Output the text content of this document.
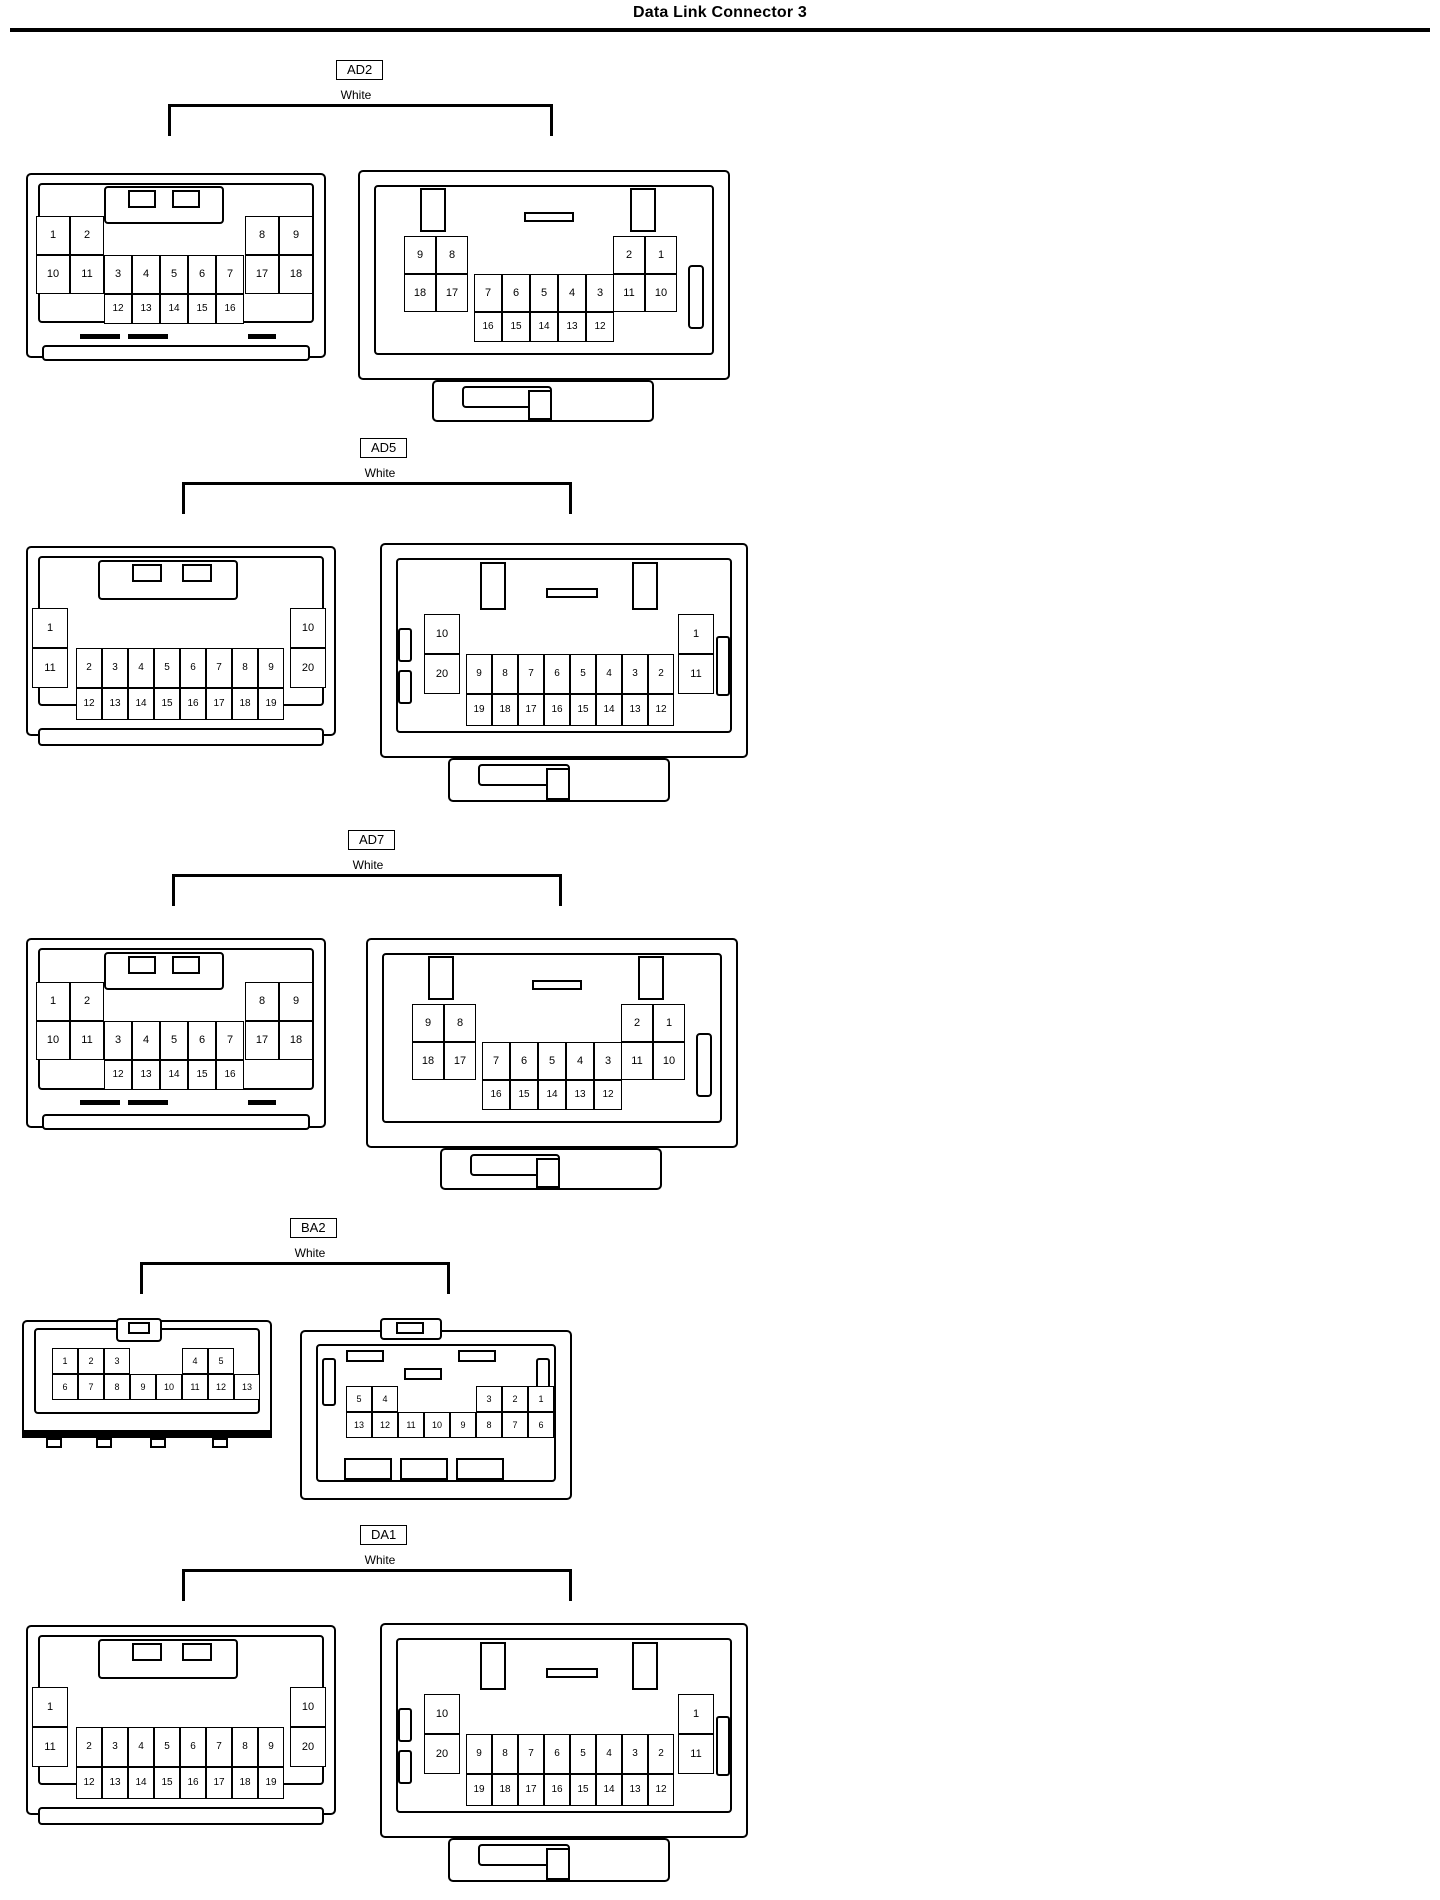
Data Link Connector 3
AD2
White
1	2	8	9
10	11	3	4	5	6	7	17	18
12	13	14	15	16
9	8	2	1
18	17	7	6	5	4	3	11	10
16	15	14	13	12
AD5
White
1	10
11	2	3	4	5	6	7	8	9	20
12	13	14	15	16	17	18	19
10	1
20	9	8	7	6	5	4	3	2	11
19	18	17	16	15	14	13	12
AD7
White
1	2	8	9
10	11	3	4	5	6	7	17	18
12	13	14	15	16
9	8	2	1
18	17	7	6	5	4	3	11	10
16	15	14	13	12
BA2
White
1	2	3	4	5
6	7	8	9	10	11	12	13
5	4	3	2	1
13	12	11	10	9	8	7	6
DA1
White
1	10
11	2	3	4	5	6	7	8	9	20
12	13	14	15	16	17	18	19
10	1
20	9	8	7	6	5	4	3	2	11
19	18	17	16	15	14	13	12
